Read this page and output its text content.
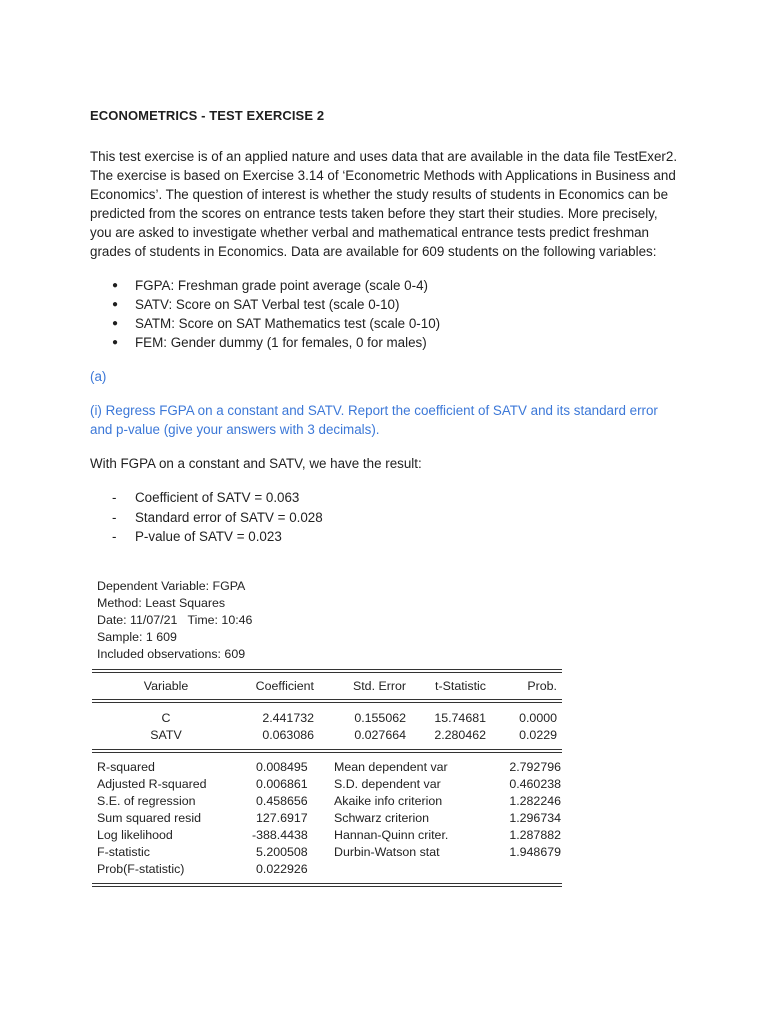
ECONOMETRICS - TEST EXERCISE 2

This test exercise is of an applied nature and uses data that are available in the data file TestExer2. The exercise is based on Exercise 3.14 of ‘Econometric Methods with Applications in Business and Economics’. The question of interest is whether the study results of students in Economics can be predicted from the scores on entrance tests taken before they start their studies. More precisely, you are asked to investigate whether verbal and mathematical entrance tests predict freshman grades of students in Economics. Data are available for 609 students on the following variables:

● FGPA: Freshman grade point average (scale 0-4)
● SATV: Score on SAT Verbal test (scale 0-10)
● SATM: Score on SAT Mathematics test (scale 0-10)
● FEM: Gender dummy (1 for females, 0 for males)

(a)

(i) Regress FGPA on a constant and SATV. Report the coefficient of SATV and its standard error and p-value (give your answers with 3 decimals).

With FGPA on a constant and SATV, we have the result:

- Coefficient of SATV = 0.063
- Standard error of SATV = 0.028
- P-value of SATV = 0.023
Dependent Variable: FGPA
Method: Least Squares
Date: 11/07/21   Time: 10:46
Sample: 1 609
Included observations: 609
Variable	Coefficient	Std. Error	t-Statistic	Prob.
C	2.441732	0.155062	15.74681	0.0000
SATV	0.063086	0.027664	2.280462	0.0229
R-squared	0.008495	Mean dependent var	2.792796
Adjusted R-squared	0.006861	S.D. dependent var	0.460238
S.E. of regression	0.458656	Akaike info criterion	1.282246
Sum squared resid	127.6917	Schwarz criterion	1.296734
Log likelihood	-388.4438	Hannan-Quinn criter.	1.287882
F-statistic	5.200508	Durbin-Watson stat	1.948679
Prob(F-statistic)	0.022926
